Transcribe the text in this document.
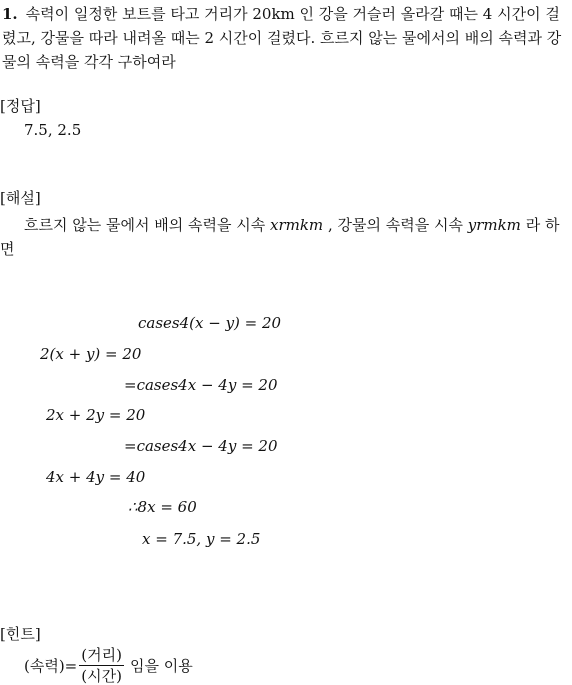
1. 속력이 일정한 보트를 타고 거리가 20km 인 강을 거슬러 올라갈 때는 4 시간이 걸렸고, 강물을 따라 내려올 때는 2 시간이 걸렸다. 흐르지 않는 물에서의 배의 속력과 강물의 속력을 각각 구하여라
[정답]
7.5, 2.5
[해설]
흐르지 않는 물에서 배의 속력을 시속 xrmkm , 강물의 속력을 시속 yrmkm 라 하면
cases4(x − y) = 20
2(x + y) = 20
=cases4x − 4y = 20
2x + 2y = 20
=cases4x − 4y = 20
4x + 4y = 40
∴8x = 60
x = 7.5, y = 2.5
[힌트]
(속력)= $\frac{\text{(거리)}}{\text{(시간)}}$ 임을 이용
